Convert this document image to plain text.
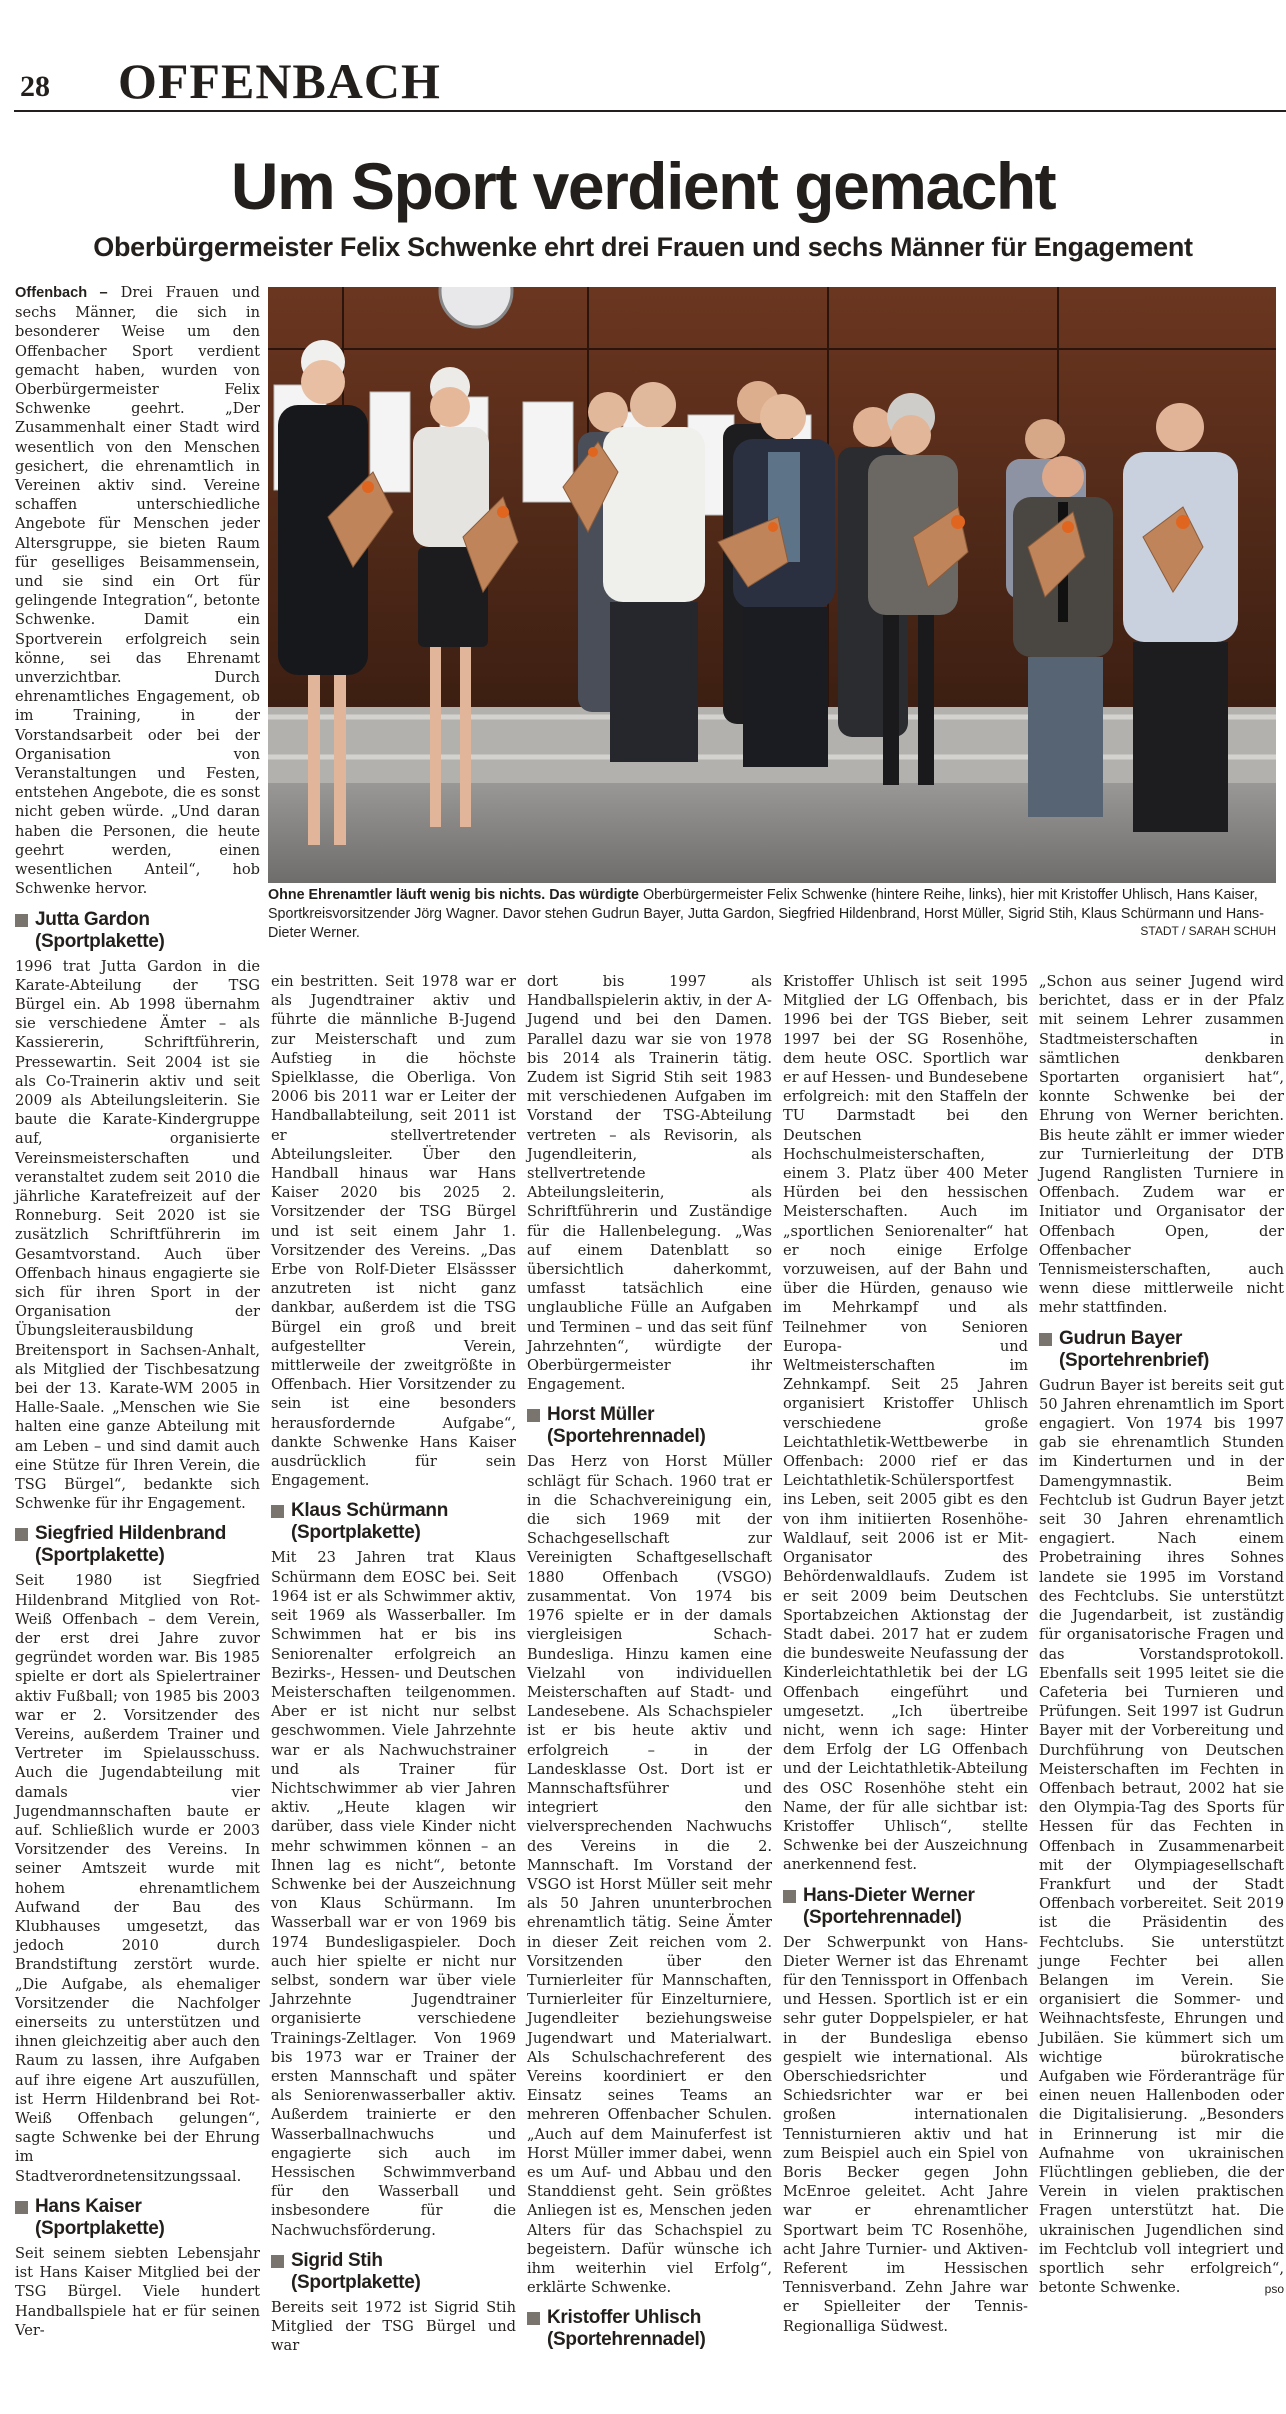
28 OFFENBACH
Um Sport verdient gemacht
Oberbürgermeister Felix Schwenke ehrt drei Frauen und sechs Männer für Engagement
Ohne Ehrenamtler läuft wenig bis nichts. Das würdigte Oberbürgermeister Felix Schwenke (hintere Reihe, links), hier mit Kristoffer Uhlisch, Hans Kaiser, Sportkreisvorsitzender Jörg Wagner. Davor stehen Gudrun Bayer, Jutta Gardon, Siegfried Hildenbrand, Horst Müller, Sigrid Stih, Klaus Schürmann und Hans-Dieter Werner.	STADT / SARAH SCHUH

Offenbach – Drei Frauen und sechs Männer, die sich in besonderer Weise um den Offenbacher Sport verdient gemacht haben, wurden von Oberbürgermeister Felix Schwenke geehrt. „Der Zusammenhalt einer Stadt wird wesentlich von den Menschen gesichert, die ehrenamtlich in Vereinen aktiv sind. Vereine schaffen unterschiedliche Angebote für Menschen jeder Altersgruppe, sie bieten Raum für geselliges Beisammensein, und sie sind ein Ort für gelingende Integration“, betonte Schwenke. Damit ein Sportverein erfolgreich sein könne, sei das Ehrenamt unverzichtbar. Durch ehrenamtliches Engagement, ob im Training, in der Vorstandsarbeit oder bei der Organisation von Veranstaltungen und Festen, entstehen Angebote, die es sonst nicht geben würde. „Und daran haben die Personen, die heute geehrt werden, einen wesentlichen Anteil“, hob Schwenke hervor.

Jutta Gardon
(Sportplakette)

1996 trat Jutta Gardon in die Karate-Abteilung der TSG Bürgel ein. Ab 1998 übernahm sie verschiedene Ämter – als Kassiererin, Schriftführerin, Pressewartin. Seit 2004 ist sie als Co-Trainerin aktiv und seit 2009 als Abteilungsleiterin. Sie baute die Karate-Kindergruppe auf, organisierte Vereinsmeisterschaften und veranstaltet zudem seit 2010 die jährliche Karatefreizeit auf der Ronneburg. Seit 2020 ist sie zusätzlich Schriftführerin im Gesamtvorstand. Auch über Offenbach hinaus engagierte sie sich für ihren Sport in der Organisation der Übungsleiterausbildung Breitensport in Sachsen-Anhalt, als Mitglied der Tischbesatzung bei der 13. Karate-WM 2005 in Halle-Saale. „Menschen wie Sie halten eine ganze Abteilung mit am Leben – und sind damit auch eine Stütze für Ihren Verein, die TSG Bürgel“, bedankte sich Schwenke für ihr Engagement.

Siegfried Hildenbrand
(Sportplakette)

Seit 1980 ist Siegfried Hildenbrand Mitglied von Rot-Weiß Offenbach – dem Verein, der erst drei Jahre zuvor gegründet worden war. Bis 1985 spielte er dort als Spielertrainer aktiv Fußball; von 1985 bis 2003 war er 2. Vorsitzender des Vereins, außerdem Trainer und Vertreter im Spielausschuss. Auch die Jugendabteilung mit damals vier Jugendmannschaften baute er auf. Schließlich wurde er 2003 Vorsitzender des Vereins. In seiner Amtszeit wurde mit hohem ehrenamtlichem Aufwand der Bau des Klubhauses umgesetzt, das jedoch 2010 durch Brandstiftung zerstört wurde. „Die Aufgabe, als ehemaliger Vorsitzender die Nachfolger einerseits zu unterstützen und ihnen gleichzeitig aber auch den Raum zu lassen, ihre Aufgaben auf ihre eigene Art auszufüllen, ist Herrn Hildenbrand bei Rot-Weiß Offenbach gelungen“, sagte Schwenke bei der Ehrung im Stadtverordnetensitzungssaal.

Hans Kaiser
(Sportplakette)

Seit seinem siebten Lebensjahr ist Hans Kaiser Mitglied bei der TSG Bürgel. Viele hundert Handballspiele hat er für seinen Ver-

ein bestritten. Seit 1978 war er als Jugendtrainer aktiv und führte die männliche B-Jugend zur Meisterschaft und zum Aufstieg in die höchste Spielklasse, die Oberliga. Von 2006 bis 2011 war er Leiter der Handballabteilung, seit 2011 ist er stellvertretender Abteilungsleiter. Über den Handball hinaus war Hans Kaiser 2020 bis 2025 2. Vorsitzender der TSG Bürgel und ist seit einem Jahr 1. Vorsitzender des Vereins. „Das Erbe von Rolf-Dieter Elsässser anzutreten ist nicht ganz dankbar, außerdem ist die TSG Bürgel ein groß und breit aufgestellter Verein, mittlerweile der zweitgrößte in Offenbach. Hier Vorsitzender zu sein ist eine besonders herausfordernde Aufgabe“, dankte Schwenke Hans Kaiser ausdrücklich für sein Engagement.

Klaus Schürmann
(Sportplakette)

Mit 23 Jahren trat Klaus Schürmann dem EOSC bei. Seit 1964 ist er als Schwimmer aktiv, seit 1969 als Wasserballer. Im Schwimmen hat er bis ins Seniorenalter erfolgreich an Bezirks-, Hessen- und Deutschen Meisterschaften teilgenommen. Aber er ist nicht nur selbst geschwommen. Viele Jahrzehnte war er als Nachwuchstrainer und als Trainer für Nichtschwimmer ab vier Jahren aktiv. „Heute klagen wir darüber, dass viele Kinder nicht mehr schwimmen können – an Ihnen lag es nicht“, betonte Schwenke bei der Auszeichnung von Klaus Schürmann. Im Wasserball war er von 1969 bis 1974 Bundesligaspieler. Doch auch hier spielte er nicht nur selbst, sondern war über viele Jahrzehnte Jugendtrainer organisierte verschiedene Trainings-Zeltlager. Von 1969 bis 1973 war er Trainer der ersten Mannschaft und später als Seniorenwasserballer aktiv. Außerdem trainierte er den Wasserballnachwuchs und engagierte sich auch im Hessischen Schwimmverband für den Wasserball und insbesondere für die Nachwuchsförderung.

Sigrid Stih
(Sportplakette)

Bereits seit 1972 ist Sigrid Stih Mitglied der TSG Bürgel und war

dort bis 1997 als Handballspielerin aktiv, in der A-Jugend und bei den Damen. Parallel dazu war sie von 1978 bis 2014 als Trainerin tätig. Zudem ist Sigrid Stih seit 1983 mit verschiedenen Aufgaben im Vorstand der TSG-Abteilung vertreten – als Revisorin, als Jugendleiterin, als stellvertretende Abteilungsleiterin, als Schriftführerin und Zuständige für die Hallenbelegung. „Was auf einem Datenblatt so übersichtlich daherkommt, umfasst tatsächlich eine unglaubliche Fülle an Aufgaben und Terminen – und das seit fünf Jahrzehnten“, würdigte der Oberbürgermeister ihr Engagement.

Horst Müller
(Sportehrennadel)

Das Herz von Horst Müller schlägt für Schach. 1960 trat er in die Schachvereinigung ein, die sich 1969 mit der Schachgesellschaft zur Vereinigten Schaftgesellschaft 1880 Offenbach (VSGO) zusammentat. Von 1974 bis 1976 spielte er in der damals viergleisigen Schach-Bundesliga. Hinzu kamen eine Vielzahl von individuellen Meisterschaften auf Stadt- und Landesebene. Als Schachspieler ist er bis heute aktiv und erfolgreich – in der Landesklasse Ost. Dort ist er Mannschaftsführer und integriert den vielversprechenden Nachwuchs des Vereins in die 2. Mannschaft. Im Vorstand der VSGO ist Horst Müller seit mehr als 50 Jahren ununterbrochen ehrenamtlich tätig. Seine Ämter in dieser Zeit reichen vom 2. Vorsitzenden über den Turnierleiter für Mannschaften, Turnierleiter für Einzelturniere, Jugendleiter beziehungsweise Jugendwart und Materialwart. Als Schulschachreferent des Vereins koordiniert er den Einsatz seines Teams an mehreren Offenbacher Schulen. „Auch auf dem Mainuferfest ist Horst Müller immer dabei, wenn es um Auf- und Abbau und den Standdienst geht. Sein größtes Anliegen ist es, Menschen jeden Alters für das Schachspiel zu begeistern. Dafür wünsche ich ihm weiterhin viel Erfolg“, erklärte Schwenke.

Kristoffer Uhlisch
(Sportehrennadel)

Kristoffer Uhlisch ist seit 1995 Mitglied der LG Offenbach, bis 1996 bei der TGS Bieber, seit 1997 bei der SG Rosenhöhe, dem heute OSC. Sportlich war er auf Hessen- und Bundesebene erfolgreich: mit den Staffeln der TU Darmstadt bei den Deutschen Hochschulmeisterschaften, einem 3. Platz über 400 Meter Hürden bei den hessischen Meisterschaften. Auch im „sportlichen Seniorenalter“ hat er noch einige Erfolge vorzuweisen, auf der Bahn und über die Hürden, genauso wie im Mehrkampf und als Teilnehmer von Senioren Europa- und Weltmeisterschaften im Zehnkampf. Seit 25 Jahren organisiert Kristoffer Uhlisch verschiedene große Leichtathletik-Wettbewerbe in Offenbach: 2000 rief er das Leichtathletik-Schülersportfest ins Leben, seit 2005 gibt es den von ihm initiierten Rosenhöhe-Waldlauf, seit 2006 ist er Mit-Organisator des Behördenwaldlaufs. Zudem ist er seit 2009 beim Deutschen Sportabzeichen Aktionstag der Stadt dabei. 2017 hat er zudem die bundesweite Neufassung der Kinderleichtathletik bei der LG Offenbach eingeführt und umgesetzt. „Ich übertreibe nicht, wenn ich sage: Hinter dem Erfolg der LG Offenbach und der Leichtathletik-Abteilung des OSC Rosenhöhe steht ein Name, der für alle sichtbar ist: Kristoffer Uhlisch“, stellte Schwenke bei der Auszeichnung anerkennend fest.

Hans-Dieter Werner
(Sportehrennadel)

Der Schwerpunkt von Hans-Dieter Werner ist das Ehrenamt für den Tennissport in Offenbach und Hessen. Sportlich ist er ein sehr guter Doppelspieler, er hat in der Bundesliga ebenso gespielt wie international. Als Oberschiedsrichter und Schiedsrichter war er bei großen internationalen Tennisturnieren aktiv und hat zum Beispiel auch ein Spiel von Boris Becker gegen John McEnroe geleitet. Acht Jahre war er ehrenamtlicher Sportwart beim TC Rosenhöhe, acht Jahre Turnier- und Aktiven-Referent im Hessischen Tennisverband. Zehn Jahre war er Spielleiter der Tennis-Regionalliga Südwest.

„Schon aus seiner Jugend wird berichtet, dass er in der Pfalz mit seinem Lehrer zusammen Stadtmeisterschaften in sämtlichen denkbaren Sportarten organisiert hat“, konnte Schwenke bei der Ehrung von Werner berichten. Bis heute zählt er immer wieder zur Turnierleitung der DTB Jugend Ranglisten Turniere in Offenbach. Zudem war er Initiator und Organisator der Offenbach Open, der Offenbacher Tennismeisterschaften, auch wenn diese mittlerweile nicht mehr stattfinden.

Gudrun Bayer
(Sportehrenbrief)

Gudrun Bayer ist bereits seit gut 50 Jahren ehrenamtlich im Sport engagiert. Von 1974 bis 1997 gab sie ehrenamtlich Stunden im Kinderturnen und in der Damengymnastik. Beim Fechtclub ist Gudrun Bayer jetzt seit 30 Jahren ehrenamtlich engagiert. Nach einem Probetraining ihres Sohnes landete sie 1995 im Vorstand des Fechtclubs. Sie unterstützt die Jugendarbeit, ist zuständig für organisatorische Fragen und das Vorstandsprotokoll. Ebenfalls seit 1995 leitet sie die Cafeteria bei Turnieren und Prüfungen. Seit 1997 ist Gudrun Bayer mit der Vorbereitung und Durchführung von Deutschen Meisterschaften im Fechten in Offenbach betraut, 2002 hat sie den Olympia-Tag des Sports für Hessen für das Fechten in Offenbach in Zusammenarbeit mit der Olympiagesellschaft Frankfurt und der Stadt Offenbach vorbereitet. Seit 2019 ist die Präsidentin des Fechtclubs. Sie unterstützt junge Fechter bei allen Belangen im Verein. Sie organisiert die Sommer- und Weihnachtsfeste, Ehrungen und Jubiläen. Sie kümmert sich um wichtige bürokratische Aufgaben wie Förderanträge für einen neuen Hallenboden oder die Digitalisierung. „Besonders in Erinnerung ist mir die Aufnahme von ukrainischen Flüchtlingen geblieben, die der Verein in vielen praktischen Fragen unterstützt hat. Die ukrainischen Jugendlichen sind im Fechtclub voll integriert und sportlich sehr erfolgreich“, betonte Schwenke.	pso
